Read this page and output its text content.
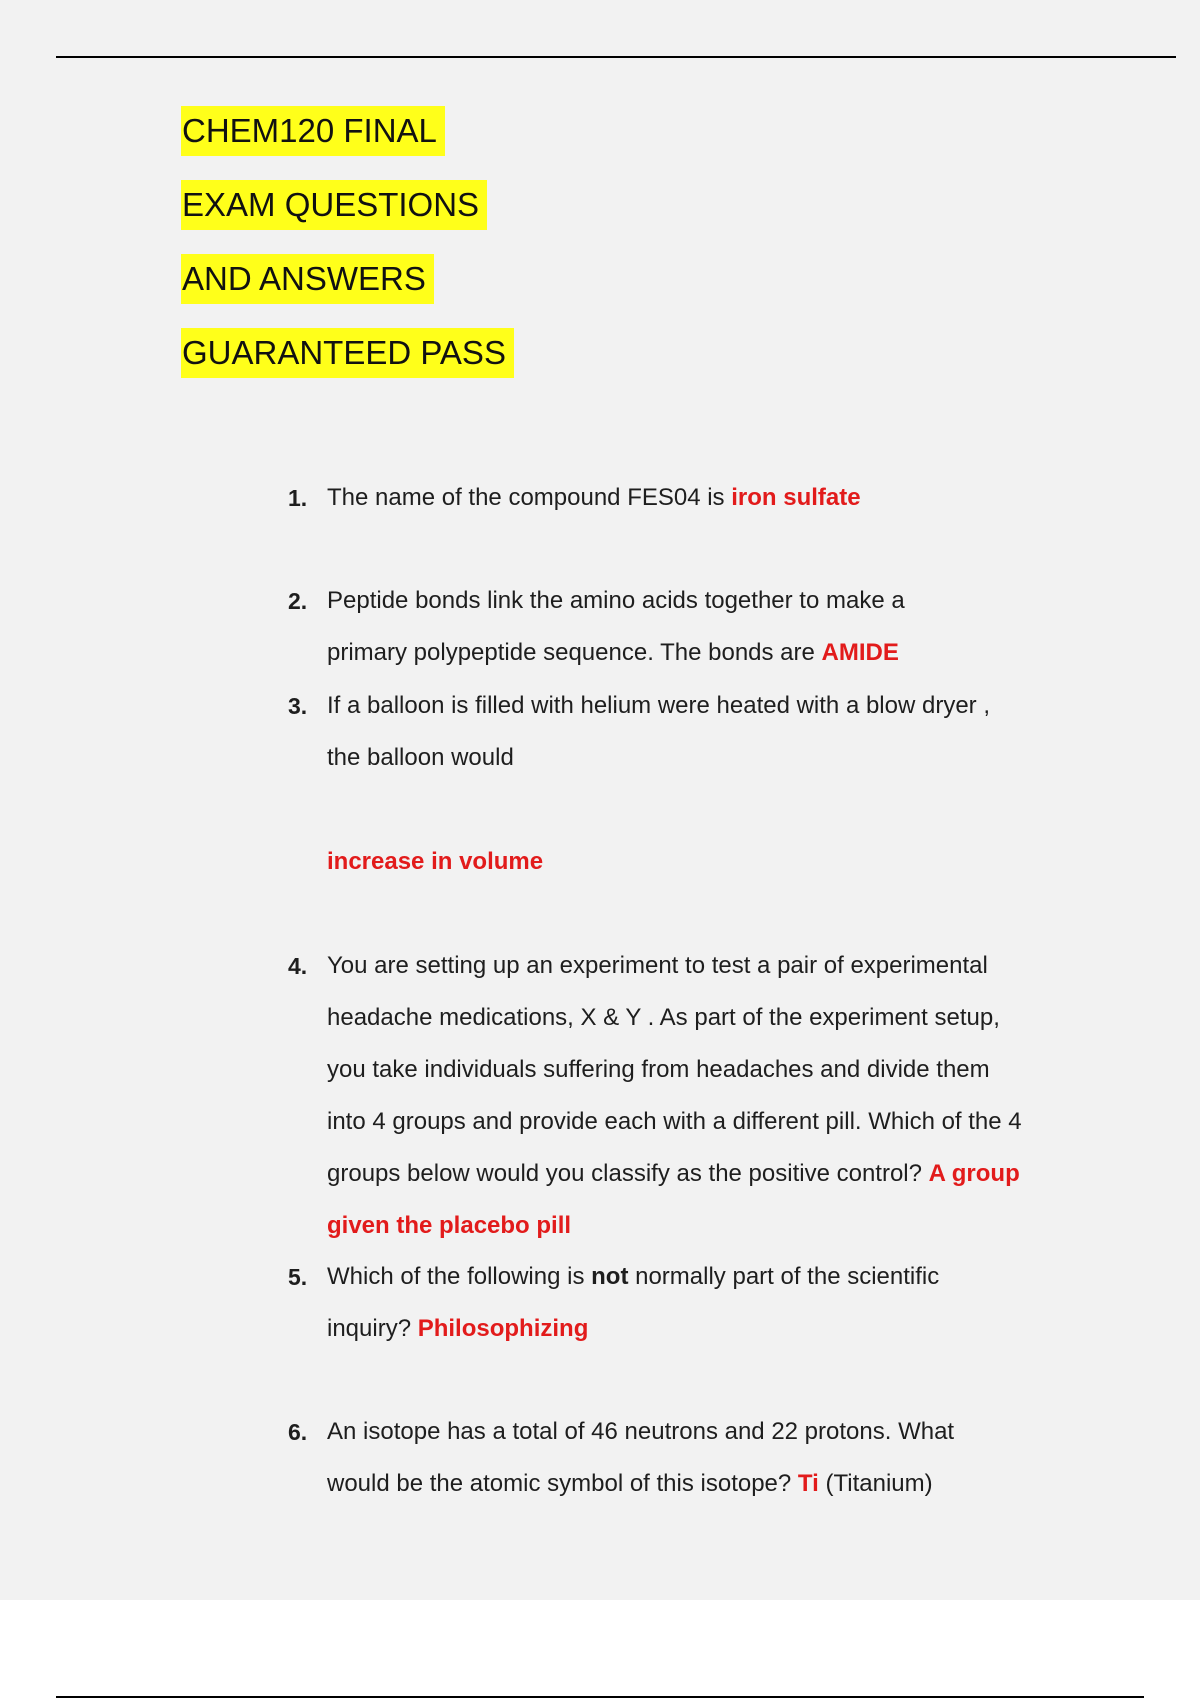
CHEM120 FINAL
EXAM QUESTIONS
AND ANSWERS
GUARANTEED PASS
1. The name of the compound FES04 is iron sulfate
2. Peptide bonds link the amino acids together to make a
primary polypeptide sequence. The bonds are AMIDE
3. If a balloon is filled with helium were heated with a blow dryer ,
the balloon would
increase in volume
4. You are setting up an experiment to test a pair of experimental
headache medications, X & Y . As part of the experiment setup,
you take individuals suffering from headaches and divide them
into 4 groups and provide each with a different pill. Which of the 4
groups below would you classify as the positive control? A group
given the placebo pill
5. Which of the following is not normally part of the scientific
inquiry? Philosophizing
6. An isotope has a total of 46 neutrons and 22 protons. What
would be the atomic symbol of this isotope? Ti (Titanium)
